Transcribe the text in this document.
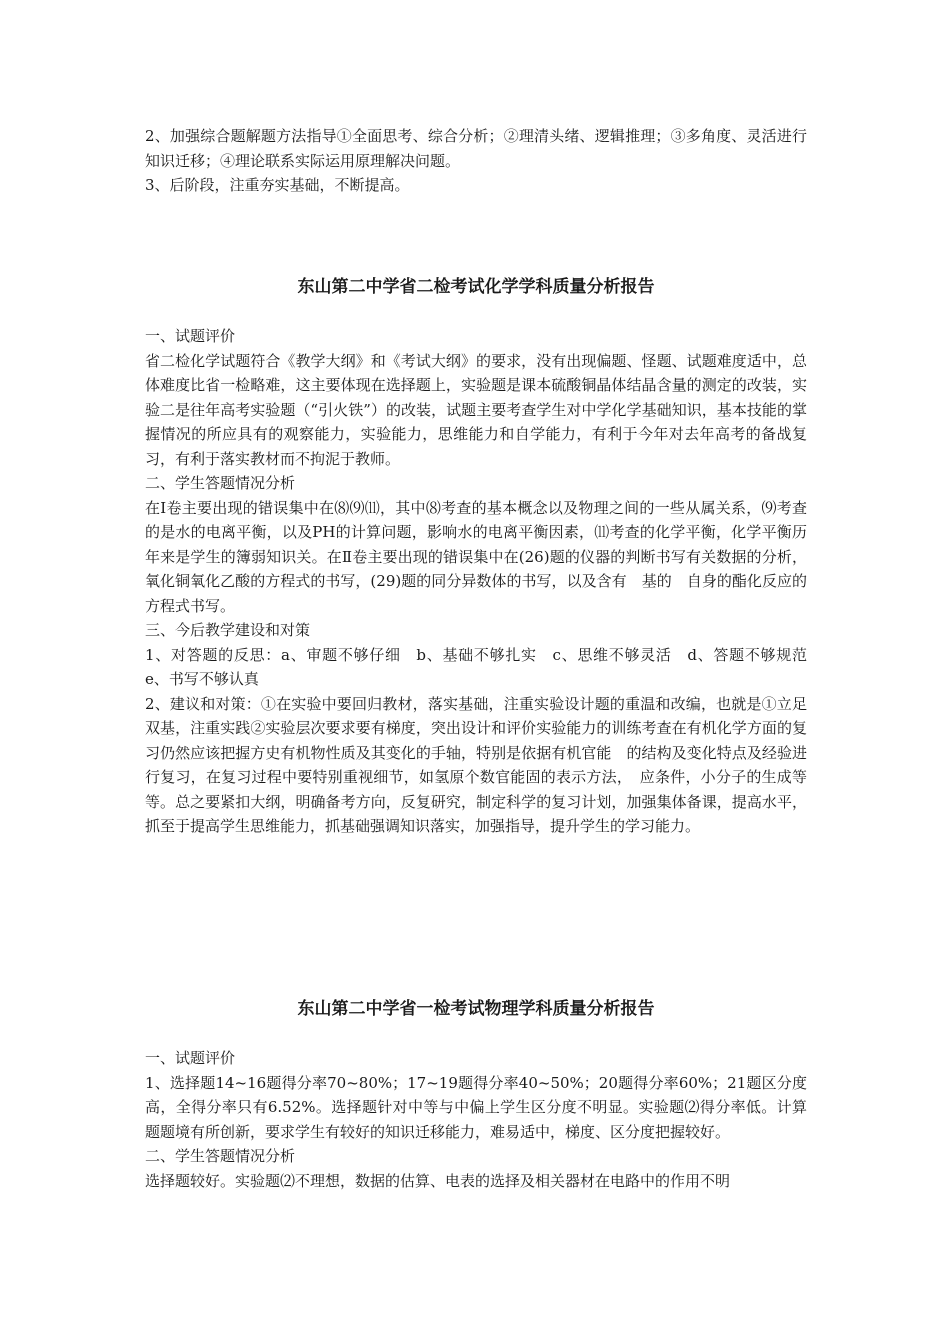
2、加强综合题解题方法指导①全面思考、综合分析；②理清头绪、逻辑推理；③多角度、灵活进行知识迁移；④理论联系实际运用原理解决问题。

3、后阶段，注重夯实基础，不断提高。

东山第二中学省二检考试化学学科质量分析报告

一、试题评价

省二检化学试题符合《教学大纲》和《考试大纲》的要求，没有出现偏题、怪题、试题难度适中，总体难度比省一检略难，这主要体现在选择题上，实验题是课本硫酸铜晶体结晶含量的测定的改装，实验二是往年高考实验题（“引火铁”）的改装，试题主要考查学生对中学化学基础知识，基本技能的掌握情况的所应具有的观察能力，实验能力，思维能力和自学能力，有利于今年对去年高考的备战复习，有利于落实教材而不拘泥于教师。

二、学生答题情况分析

在Ⅰ卷主要出现的错误集中在⑻⑼⑾，其中⑻考查的基本概念以及物理之间的一些从属关系，⑼考查的是水的电离平衡，以及PH的计算问题，影响水的电离平衡因素，⑾考查的化学平衡，化学平衡历年来是学生的簿弱知识关。在Ⅱ卷主要出现的错误集中在(26)题的仪器的判断书写有关数据的分析，氧化铜氧化乙酸的方程式的书写，(29)题的同分异数体的书写，以及含有　基的　自身的酯化反应的方程式书写。

三、今后教学建设和对策

1、对答题的反思：a、审题不够仔细　b、基础不够扎实　c、思维不够灵活　d、答题不够规范　e、书写不够认真

2、建议和对策：①在实验中要回归教材，落实基础，注重实验设计题的重温和改编，也就是①立足双基，注重实践②实验层次要求要有梯度，突出设计和评价实验能力的训练考查在有机化学方面的复习仍然应该把握方史有机物性质及其变化的手轴，特别是依据有机官能　的结构及变化特点及经验进行复习，在复习过程中要特别重视细节，如氢原个数官能固的表示方法，　应条件，小分子的生成等等。总之要紧扣大纲，明确备考方向，反复研究，制定科学的复习计划，加强集体备课，提高水平，抓至于提高学生思维能力，抓基础强调知识落实，加强指导，提升学生的学习能力。

东山第二中学省一检考试物理学科质量分析报告

一、试题评价

1、选择题14~16题得分率70~80%；17~19题得分率40~50%；20题得分率60%；21题区分度高，全得分率只有6.52%。选择题针对中等与中偏上学生区分度不明显。实验题⑵得分率低。计算题题境有所创新，要求学生有较好的知识迁移能力，难易适中，梯度、区分度把握较好。

二、学生答题情况分析

选择题较好。实验题⑵不理想，数据的估算、电表的选择及相关器材在电路中的作用不明
